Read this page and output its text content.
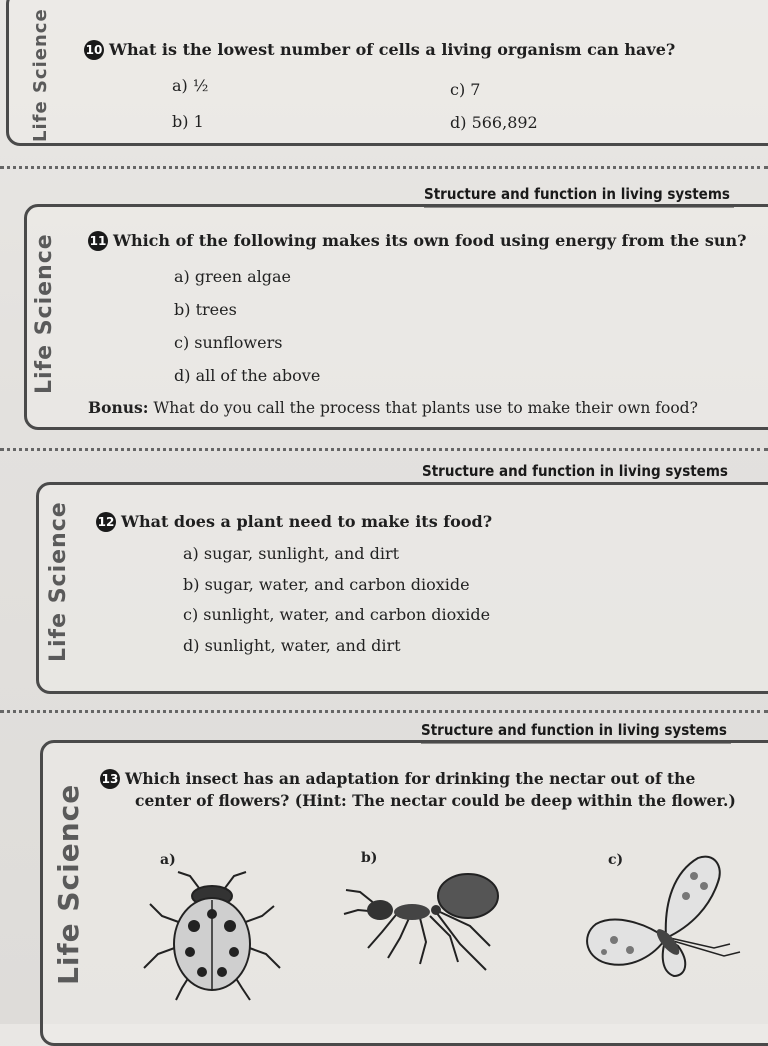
Life Science	10 What is the lowest number of cells a living organism can have?
a) ½
b) 1
c) 7
d) 566,892
Structure and function in living systems
Life Science	11 Which of the following makes its own food using energy from the sun?
a) green algae
b) trees
c) sunflowers
d) all of the above
Bonus: What do you call the process that plants use to make their own food?
Structure and function in living systems
Life Science 12 What does a plant need to make its food?
a) sugar, sunlight, and dirt
b) sugar, water, and carbon dioxide
c) sunlight, water, and carbon dioxide
d) sunlight, water, and dirt
Structure and function in living systems
Life Science
13 Which insect has an adaptation for drinking the nectar out of the
center of flowers? (Hint: The nectar could be deep within the flower.)
a)	b)	c)
